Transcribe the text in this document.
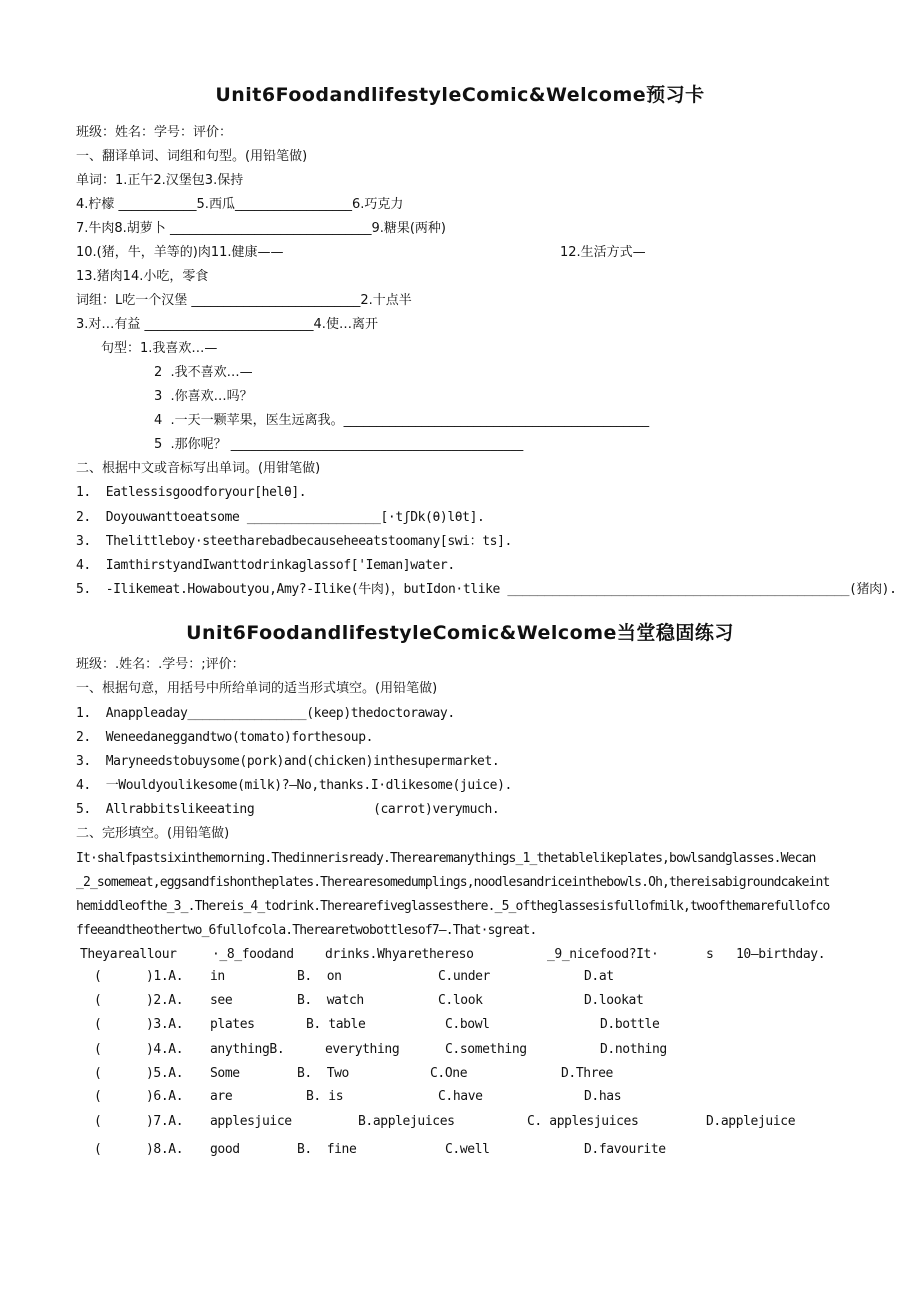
Unit6FoodandlifestyleComic&Welcome预习卡
班级：姓名：学号：评价：
一、翻译单词、词组和句型。(用铅笔做)
单词：1.正午2.汉堡包3.保持
4.柠檬 ____________5.西瓜__________________6.巧克力
7.牛肉8.胡萝卜 _______________________________9.糖果(两种)
10.(猪，牛，羊等的)肉11.健康——	12.生活方式—
13.猪肉14.小吃，零食
词组：L吃一个汉堡 __________________________2.十点半
3.对…有益 __________________________4.使…离开
句型：1.我喜欢…—
2  .我不喜欢…—
3  .你喜欢…吗？
4  .一天一颗苹果，医生远离我。_______________________________________________
5  .那你呢？ _____________________________________________
二、根据中文或音标写出单词。(用钳笔做)
1.  Eatlessisgoodforyour[helθ].
2.  Doyouwanttoeatsome __________________[·tʃDk(θ)lθt].
3.  Thelittleboy·steetharebadbecauseheeatstoomany[swi：ts].
4.  IamthirstyandIwanttodrinkaglassof['Ieman]water.
5.  -Ilikemeat.Howaboutyou,Amy?-Ilike(牛肉)，butIdon·tlike ______________________________________________(猪肉).
Unit6FoodandlifestyleComic&Welcome当堂稳固练习
班级：.姓名：.学号：;评价：
一、根据句意，用括号中所给单词的适当形式填空。(用铅笔做)
1.  Anappleaday________________(keep)thedoctoraway.
2.  Weneedaneggandtwo(tomato)forthesoup.
3.  Maryneedstobuysome(pork)and(chicken)inthesupermarket.
4.  一Wouldyoulikesome(milk)?—No,thanks.I·dlikesome(juice).
5.  Allrabbitslikeeating                (carrot)verymuch.
二、完形填空。(用铅笔做)
It·shalfpastsixinthemorning.Thedinnerisready.Therearemanythings_1_thetablelikeplates,bowlsandglasses.Wecan
_2_somemeat,eggsandfishontheplates.Therearesomedumplings,noodlesandriceinthebowls.Oh,thereisabigroundcakeint
hemiddleofthe_3_.Thereis_4_todrink.Therearefiveglassesthere._5_oftheglassesisfullofmilk,twoofthemarefullofco
ffeeandtheothertwo_6fullofcola.Therearetwobottlesof7—.That·sgreat.
Theyareallour	·_8_foodand drinks.Whyarethereso	_9_nicefood?It·	s 10—birthday.
(      )1.A. in	B.  on	C.under	D.at
(      )2.A. see	B.  watch	C.look	D.lookat
(      )3.A. plates	B. table	C.bowl	D.bottle
(      )4.A. anythingB.	everything	C.something	D.nothing
(      )5.A. Some	B.  Two	C.One	D.Three
(      )6.A. are	B. is	C.have	D.has
(      )7.A. applesjuice	B.applejuices	C. applesjuices	D.applejuice
(      )8.A. good	B.  fine	C.well	D.favourite
